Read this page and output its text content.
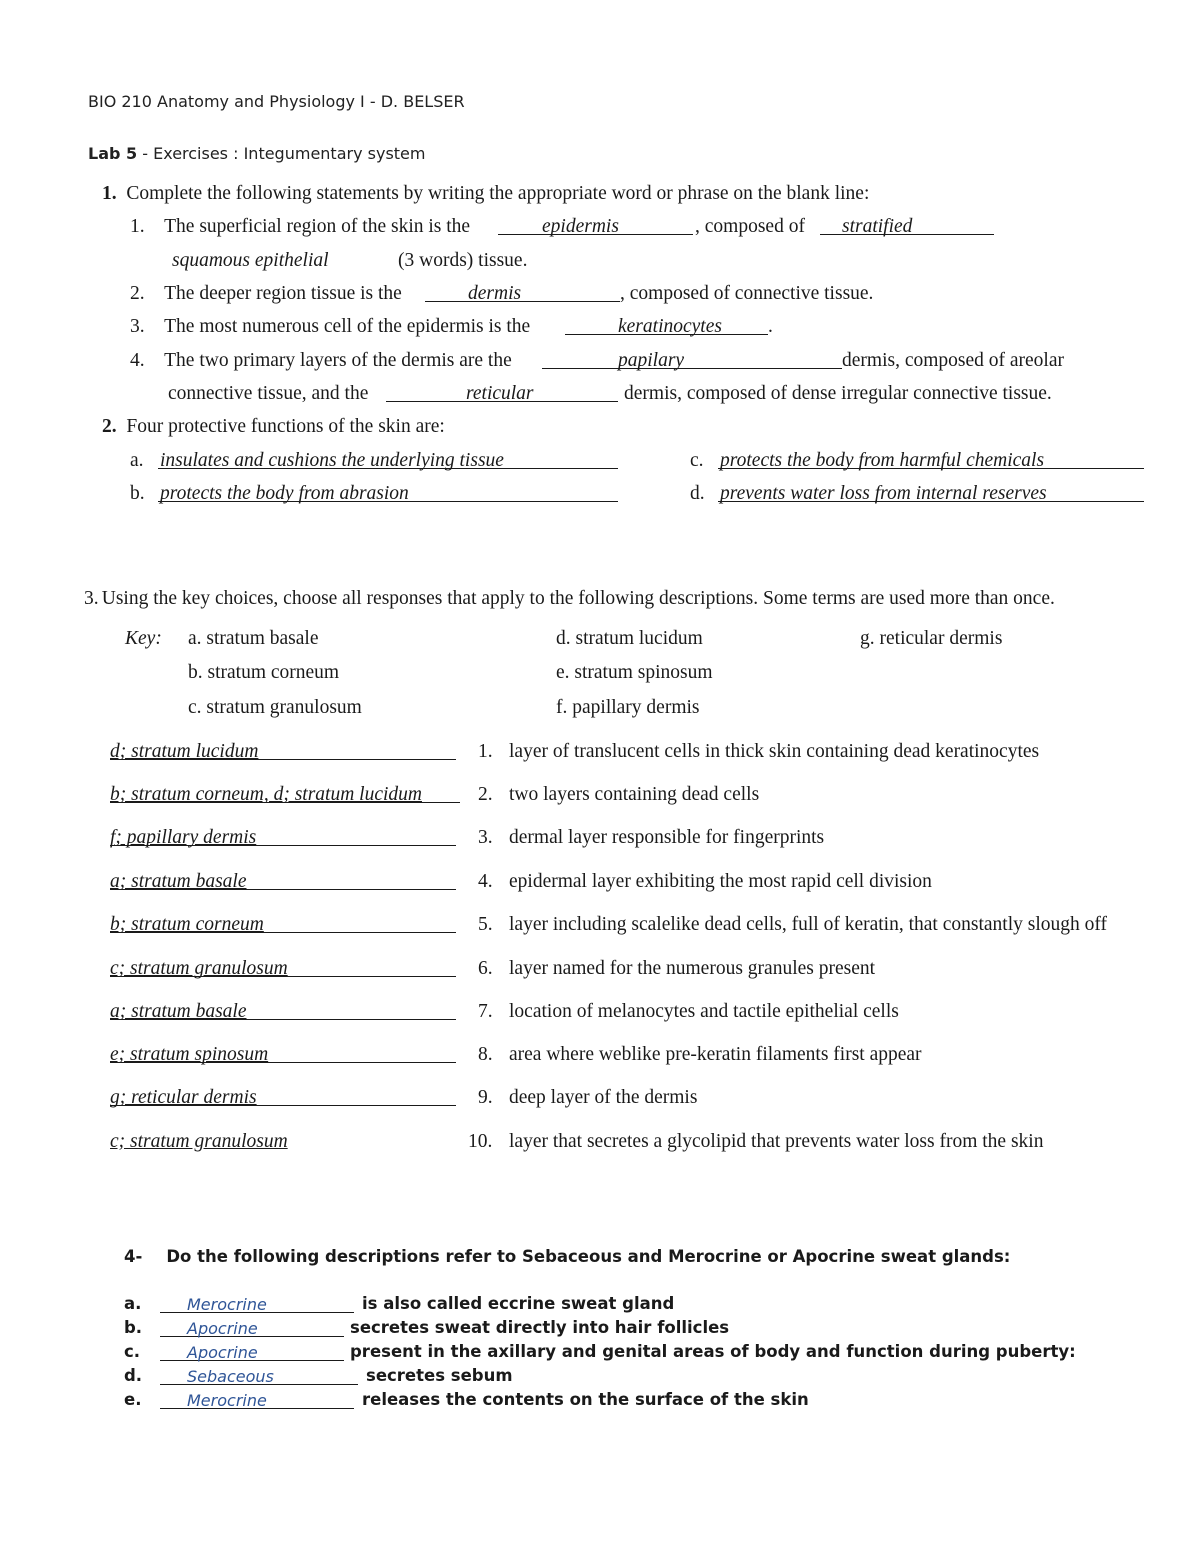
BIO 210 Anatomy and Physiology I - D. BELSER
Lab 5 - Exercises : Integumentary system
1. Complete the following statements by writing the appropriate word or phrase on the blank line:
1. The superficial region of the skin is the	epidermis	, composed of stratified
squamous epithelial	(3 words) tissue.
2. The deeper region tissue is the	dermis	, composed of connective tissue.
3. The most numerous cell of the epidermis is the	keratinocytes .
4. The two primary layers of the dermis are the	papilary	dermis, composed of areolar
connective tissue, and the	reticular	dermis, composed of dense irregular connective tissue.
2. Four protective functions of the skin are:
a. insulates and cushions the underlying tissue
b. protects the body from abrasion
c. protects the body from harmful chemicals
d. prevents water loss from internal reserves
3. Using the key choices, choose all responses that apply to the following descriptions. Some terms are used more than once.
Key: a. stratum basale
b. stratum corneum
c. stratum granulosum
d. stratum lucidum
e. stratum spinosum
f. papillary dermis
g. reticular dermis
d; stratum lucidum	1. layer of translucent cells in thick skin containing dead keratinocytes
b; stratum corneum, d; stratum lucidum	2. two layers containing dead cells
f; papillary dermis	3. dermal layer responsible for fingerprints
a; stratum basale	4. epidermal layer exhibiting the most rapid cell division
b; stratum corneum	5. layer including scalelike dead cells, full of keratin, that constantly slough off
c; stratum granulosum	6. layer named for the numerous granules present
a; stratum basale	7. location of melanocytes and tactile epithelial cells
e; stratum spinosum	8. area where weblike pre-keratin filaments first appear
g; reticular dermis	9. deep layer of the dermis
c; stratum granulosum	10. layer that secretes a glycolipid that prevents water loss from the skin
4- Do the following descriptions refer to Sebaceous and Merocrine or Apocrine sweat glands:
a.	Merocrine	is also called eccrine sweat gland
b.	Apocrine	secretes sweat directly into hair follicles
c.	Apocrine	present in the axillary and genital areas of body and function during puberty:
d.	Sebaceous	secretes sebum
e.	Merocrine	releases the contents on the surface of the skin
